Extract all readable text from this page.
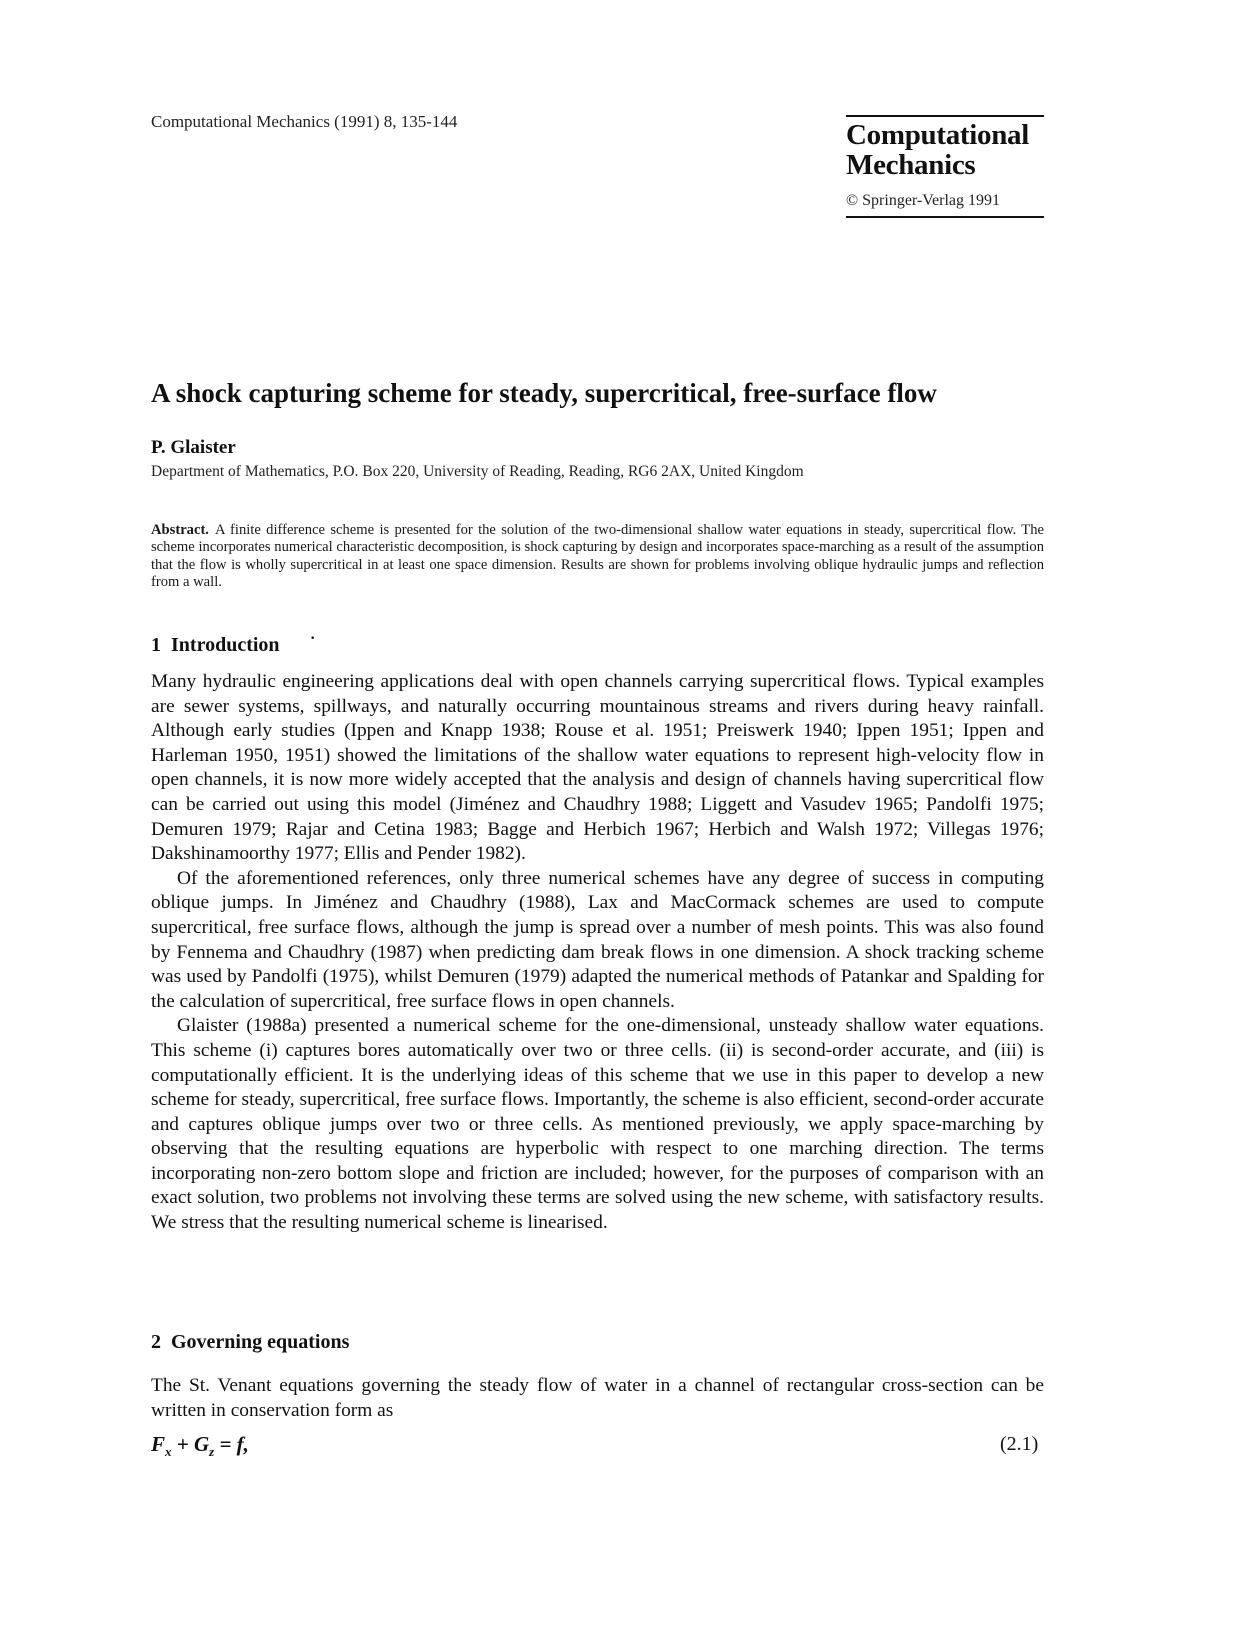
Computational Mechanics (1991) 8, 135-144	Computational
Mechanics
© Springer-Verlag 1991
A shock capturing scheme for steady, supercritical, free-surface flow
P. Glaister
Department of Mathematics, P.O. Box 220, University of Reading, Reading, RG6 2AX, United Kingdom
Abstract. A finite difference scheme is presented for the solution of the two-dimensional shallow water equations in steady, supercritical flow. The scheme incorporates numerical characteristic decomposition, is shock capturing by design and incorporates space-marching as a result of the assumption that the flow is wholly supercritical in at least one space dimension. Results are shown for problems involving oblique hydraulic jumps and reflection from a wall.
1 Introduction ·

Many hydraulic engineering applications deal with open channels carrying supercritical flows. Typical examples are sewer systems, spillways, and naturally occurring mountainous streams and rivers during heavy rainfall. Although early studies (Ippen and Knapp 1938; Rouse et al. 1951; Preiswerk 1940; Ippen 1951; Ippen and Harleman 1950, 1951) showed the limitations of the shallow water equations to represent high-velocity flow in open channels, it is now more widely accepted that the analysis and design of channels having supercritical flow can be carried out using this model (Jiménez and Chaudhry 1988; Liggett and Vasudev 1965; Pandolfi 1975; Demuren 1979; Rajar and Cetina 1983; Bagge and Herbich 1967; Herbich and Walsh 1972; Villegas 1976; Dakshinamoorthy 1977; Ellis and Pender 1982).

Of the aforementioned references, only three numerical schemes have any degree of success in computing oblique jumps. In Jiménez and Chaudhry (1988), Lax and MacCormack schemes are used to compute supercritical, free surface flows, although the jump is spread over a number of mesh points. This was also found by Fennema and Chaudhry (1987) when predicting dam break flows in one dimension. A shock tracking scheme was used by Pandolfi (1975), whilst Demuren (1979) adapted the numerical methods of Patankar and Spalding for the calculation of supercritical, free surface flows in open channels.

Glaister (1988a) presented a numerical scheme for the one-dimensional, unsteady shallow water equations. This scheme (i) captures bores automatically over two or three cells. (ii) is second-order accurate, and (iii) is computationally efficient. It is the underlying ideas of this scheme that we use in this paper to develop a new scheme for steady, supercritical, free surface flows. Importantly, the scheme is also efficient, second-order accurate and captures oblique jumps over two or three cells. As mentioned previously, we apply space-marching by observing that the resulting equations are hyperbolic with respect to one marching direction. The terms incorporating non-zero bottom slope and friction are included; however, for the purposes of comparison with an exact solution, two problems not involving these terms are solved using the new scheme, with satisfactory results. We stress that the resulting numerical scheme is linearised.

2 Governing equations
The St. Venant equations governing the steady flow of water in a channel of rectangular cross-section can be written in conservation form as
$F_x + G_z = f$,	(2.1)
